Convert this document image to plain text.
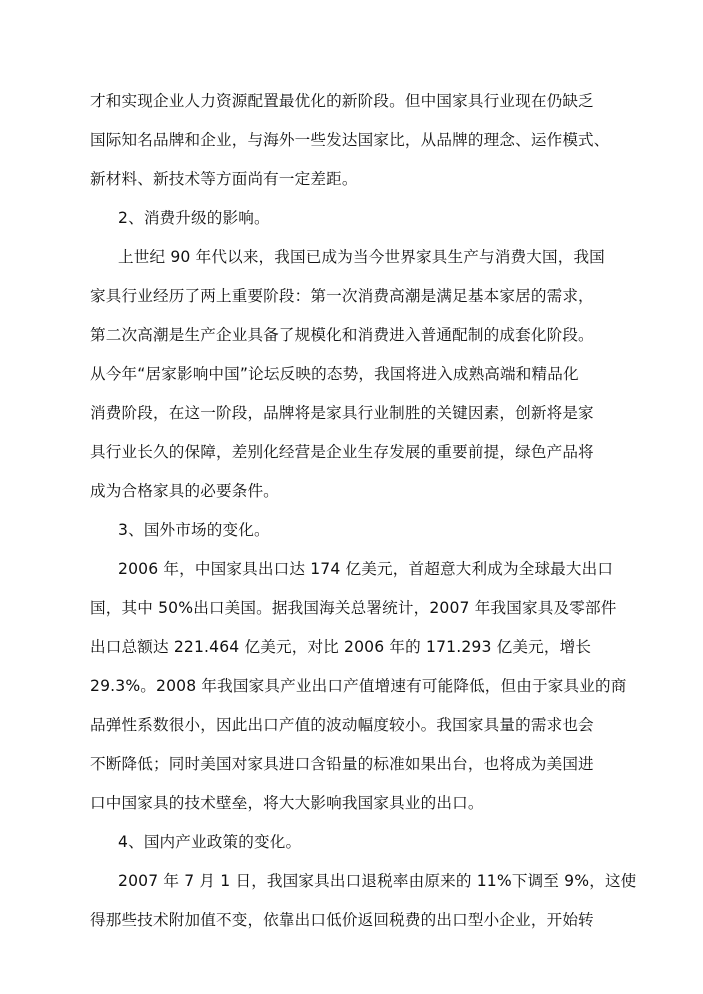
才和实现企业人力资源配置最优化的新阶段。但中国家具行业现在仍缺乏
国际知名品牌和企业，与海外一些发达国家比，从品牌的理念、运作模式、
新材料、新技术等方面尚有一定差距。
2、消费升级的影响。
上世纪 90 年代以来，我国已成为当今世界家具生产与消费大国，我国
家具行业经历了两上重要阶段：第一次消费高潮是满足基本家居的需求，
第二次高潮是生产企业具备了规模化和消费进入普通配制的成套化阶段。
从今年“居家影响中国”论坛反映的态势，我国将进入成熟高端和精品化
消费阶段，在这一阶段，品牌将是家具行业制胜的关键因素，创新将是家
具行业长久的保障，差别化经营是企业生存发展的重要前提，绿色产品将
成为合格家具的必要条件。
3、国外市场的变化。
2006 年，中国家具出口达 174 亿美元，首超意大利成为全球最大出口
国，其中 50%出口美国。据我国海关总署统计，2007 年我国家具及零部件
出口总额达 221.464 亿美元，对比 2006 年的 171.293 亿美元，增长
29.3%。2008 年我国家具产业出口产值增速有可能降低，但由于家具业的商
品弹性系数很小，因此出口产值的波动幅度较小。我国家具量的需求也会
不断降低；同时美国对家具进口含铅量的标准如果出台，也将成为美国进
口中国家具的技术壁垒，将大大影响我国家具业的出口。
4、国内产业政策的变化。
2007 年 7 月 1 日，我国家具出口退税率由原来的 11%下调至 9%，这使
得那些技术附加值不变，依靠出口低价返回税费的出口型小企业，开始转
